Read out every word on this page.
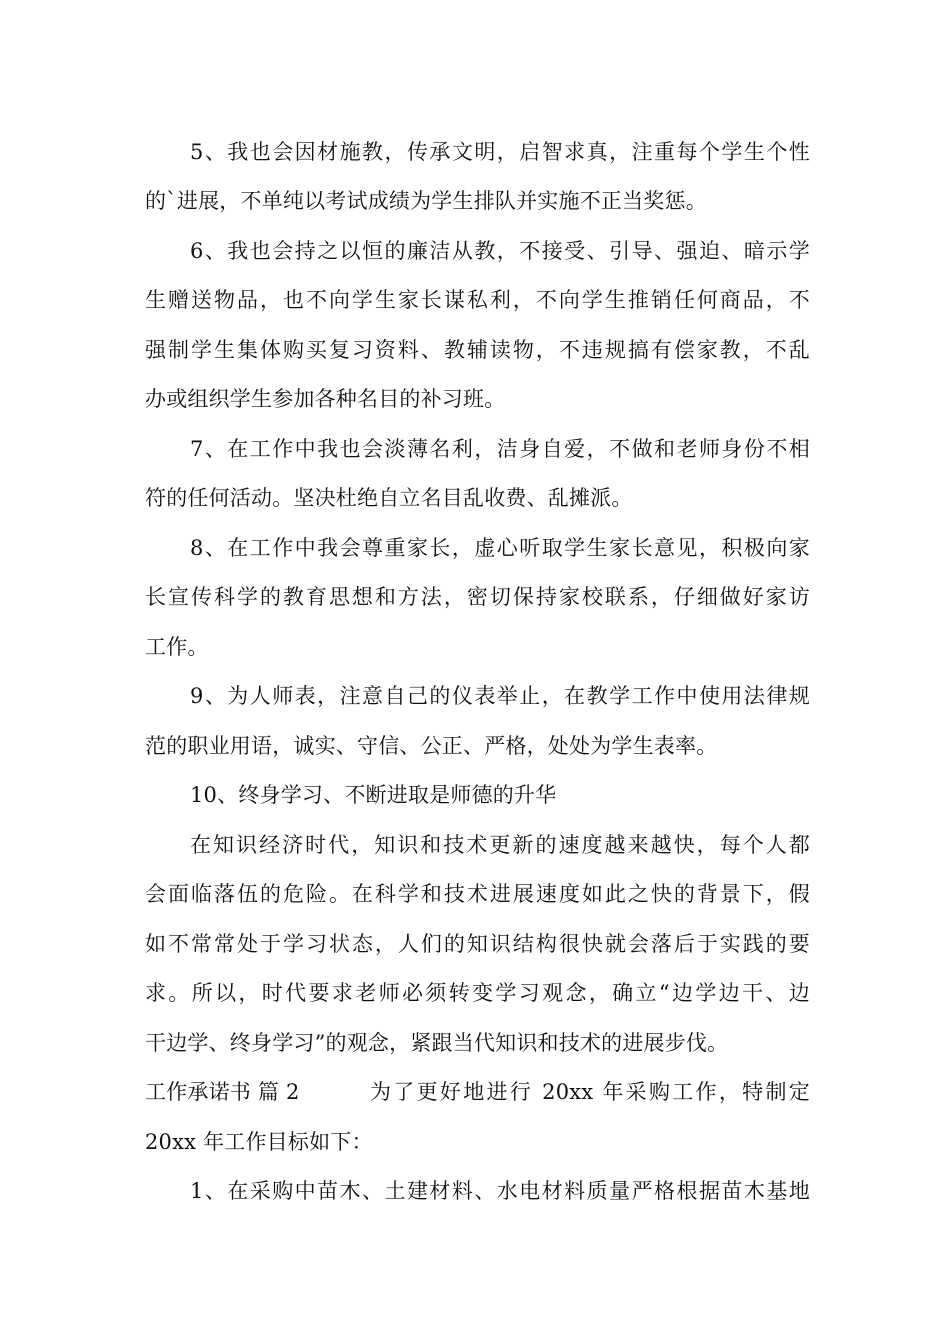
5、我也会因材施教，传承文明，启智求真，注重每个学生个性
的`进展，不单纯以考试成绩为学生排队并实施不正当奖惩。
6、我也会持之以恒的廉洁从教，不接受、引导、强迫、暗示学
生赠送物品，也不向学生家长谋私利，不向学生推销任何商品，不
强制学生集体购买复习资料、教辅读物，不违规搞有偿家教，不乱
办或组织学生参加各种名目的补习班。
7、在工作中我也会淡薄名利，洁身自爱，不做和老师身份不相
符的任何活动。坚决杜绝自立名目乱收费、乱摊派。
8、在工作中我会尊重家长，虚心听取学生家长意见，积极向家
长宣传科学的教育思想和方法，密切保持家校联系，仔细做好家访
工作。
9、为人师表，注意自己的仪表举止，在教学工作中使用法律规
范的职业用语，诚实、守信、公正、严格，处处为学生表率。
10、终身学习、不断进取是师德的升华
在知识经济时代，知识和技术更新的速度越来越快，每个人都
会面临落伍的危险。在科学和技术进展速度如此之快的背景下，假
如不常常处于学习状态，人们的知识结构很快就会落后于实践的要
求。所以，时代要求老师必须转变学习观念，确立“边学边干、边
干边学、终身学习”的观念，紧跟当代知识和技术的进展步伐。
工作承诺书 篇 2	为了更好地进行 20xx 年采购工作，特制定
20xx 年工作目标如下：
1、在采购中苗木、土建材料、水电材料质量严格根据苗木基地
